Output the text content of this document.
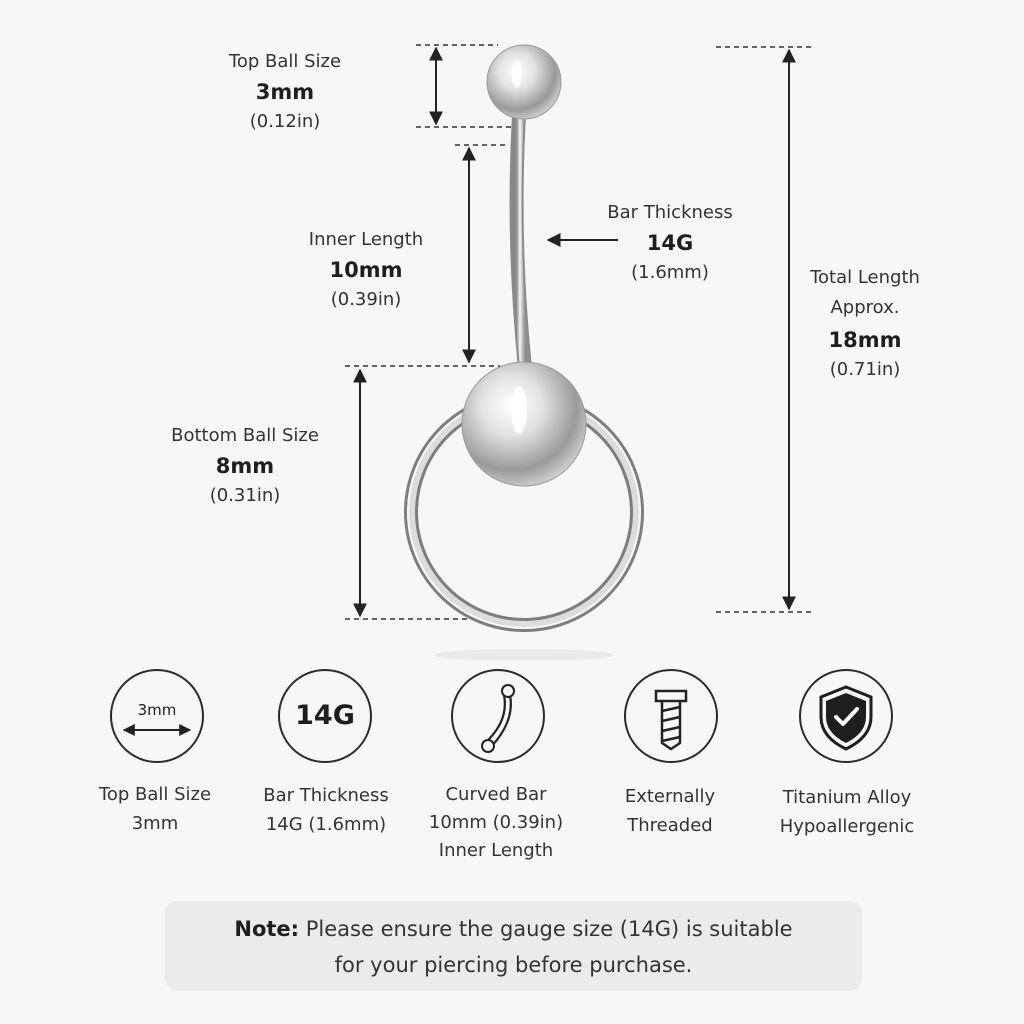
Top Ball Size
3mm
(0.12in)
Inner Length
10mm
(0.39in)
Bar Thickness
14G
(1.6mm)	Total Length
Approx.
18mm
(0.71in)
Bottom Ball Size
8mm
(0.31in)
3mm	14G
Top Ball Size
3mm
Bar Thickness
14G (1.6mm)
Curved Bar
10mm (0.39in)
Inner Length
Externally
Threaded
Titanium Alloy
Hypoallergenic
Note: Please ensure the gauge size (14G) is suitable
for your piercing before purchase.
